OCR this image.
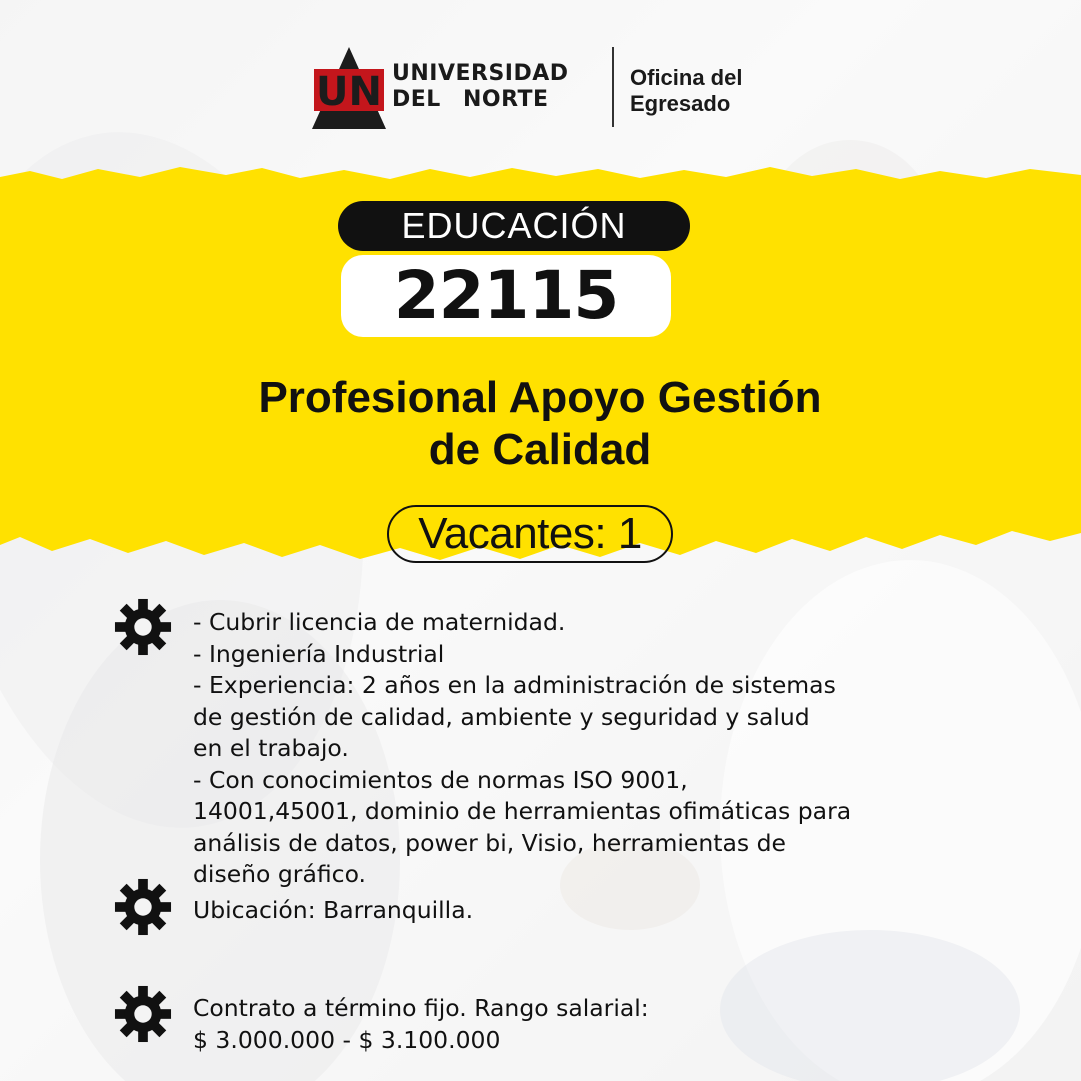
UN UNIVERSIDAD
DEL NORTE
Oficina del
Egresado
EDUCACIÓN
22115
Profesional Apoyo Gestión
de Calidad
Vacantes: 1
- Cubrir licencia de maternidad.
- Ingeniería Industrial
- Experiencia: 2 años en la administración de sistemas
de gestión de calidad, ambiente y seguridad y salud
en el trabajo.
- Con conocimientos de normas ISO 9001,
14001,45001, dominio de herramientas ofimáticas para
análisis de datos, power bi, Visio, herramientas de
diseño gráfico.
Ubicación: Barranquilla.
Contrato a término fijo. Rango salarial:
$ 3.000.000 - $ 3.100.000
